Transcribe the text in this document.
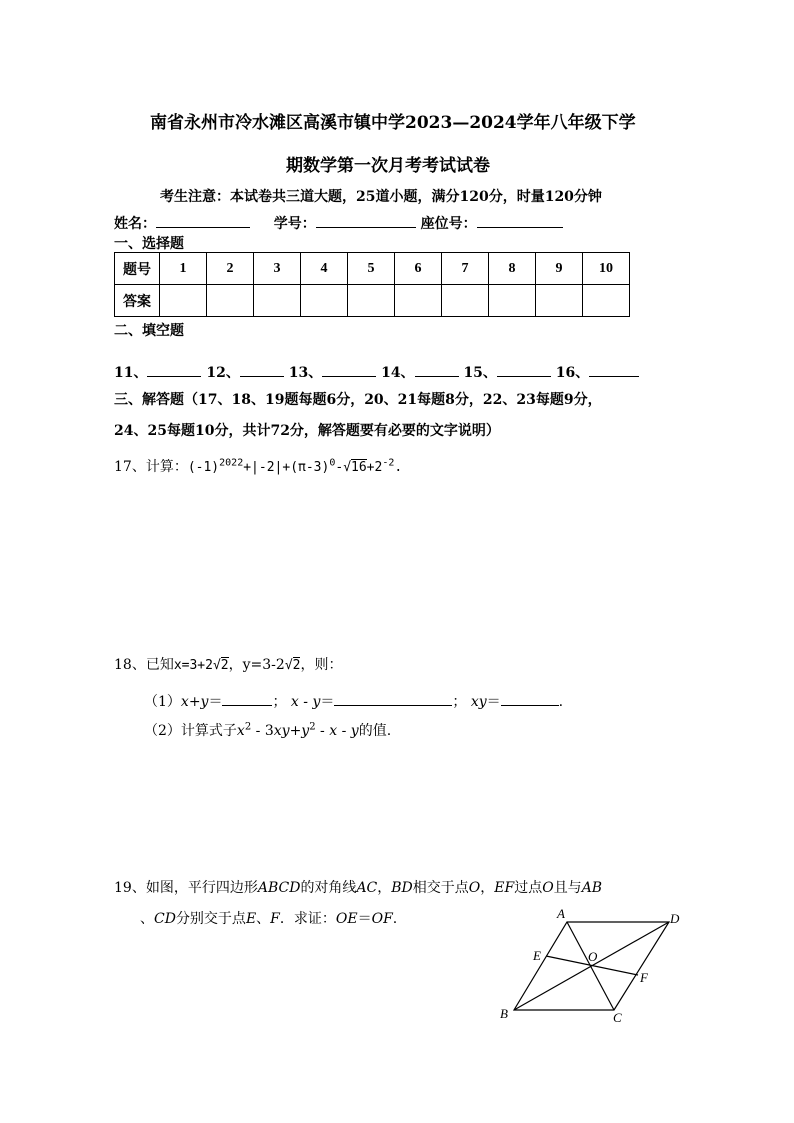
南省永州市冷水滩区高溪市镇中学2023—2024学年八年级下学
期数学第一次月考考试试卷
考生注意：本试卷共三道大题，25道小题，满分120分，时量120分钟
姓名：	学号：	座位号：
一、选择题
题号	1	2	3	4	5	6	7	8	9	10
答案										
二、填空题
11、	12、	13、	14、	15、	16、
三、解答题（17、18、19题每题6分，20、21每题8分，22、23每题9分，
24、25每题10分，共计72分，解答题要有必要的文字说明）
17、计算：$(-1)^{2022}+|-2|+(\pi-3)^0-√16+2^{-2}$.
18、已知x=3+2√2，y=3-2√2，则：
（1）x+y＝	； x - y＝	； xy＝	.
（2）计算式子$x^2 - 3xy+y^2 - x - y$的值.
19、如图，平行四边形ABCD的对角线AC，BD相交于点O，EF过点O且与AB
、CD分别交于点E、F．求证：OE＝OF.	A	D
E	O
F
B	C
